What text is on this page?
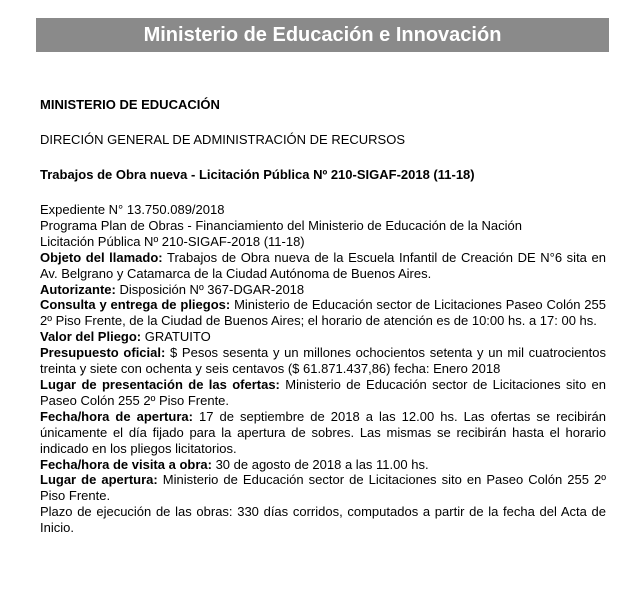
Ministerio de Educación e Innovación
MINISTERIO DE EDUCACIÓN
DIRECIÓN GENERAL DE ADMINISTRACIÓN DE RECURSOS
Trabajos de Obra nueva - Licitación Pública Nº 210-SIGAF-2018 (11-18)

Expediente N° 13.750.089/2018

Programa Plan de Obras - Financiamiento del Ministerio de Educación de la Nación

Licitación Pública Nº 210-SIGAF-2018 (11-18)

Objeto del llamado: Trabajos de Obra nueva de la Escuela Infantil de Creación DE N°6 sita en Av. Belgrano y Catamarca de la Ciudad Autónoma de Buenos Aires.

Autorizante: Disposición Nº 367-DGAR-2018

Consulta y entrega de pliegos: Ministerio de Educación sector de Licitaciones Paseo Colón 255 2º Piso Frente, de la Ciudad de Buenos Aires; el horario de atención es de 10:00 hs. a 17: 00 hs.

Valor del Pliego: GRATUITO

Presupuesto oficial: $ Pesos sesenta y un millones ochocientos setenta y un mil cuatrocientos treinta y siete con ochenta y seis centavos ($ 61.871.437,86) fecha: Enero 2018

Lugar de presentación de las ofertas: Ministerio de Educación sector de Licitaciones sito en Paseo Colón 255 2º Piso Frente.

Fecha/hora de apertura: 17 de septiembre de 2018 a las 12.00 hs. Las ofertas se recibirán únicamente el día fijado para la apertura de sobres. Las mismas se recibirán hasta el horario indicado en los pliegos licitatorios.

Fecha/hora de visita a obra: 30 de agosto de 2018 a las 11.00 hs.

Lugar de apertura: Ministerio de Educación sector de Licitaciones sito en Paseo Colón 255 2º Piso Frente.

Plazo de ejecución de las obras: 330 días corridos, computados a partir de la fecha del Acta de Inicio.
